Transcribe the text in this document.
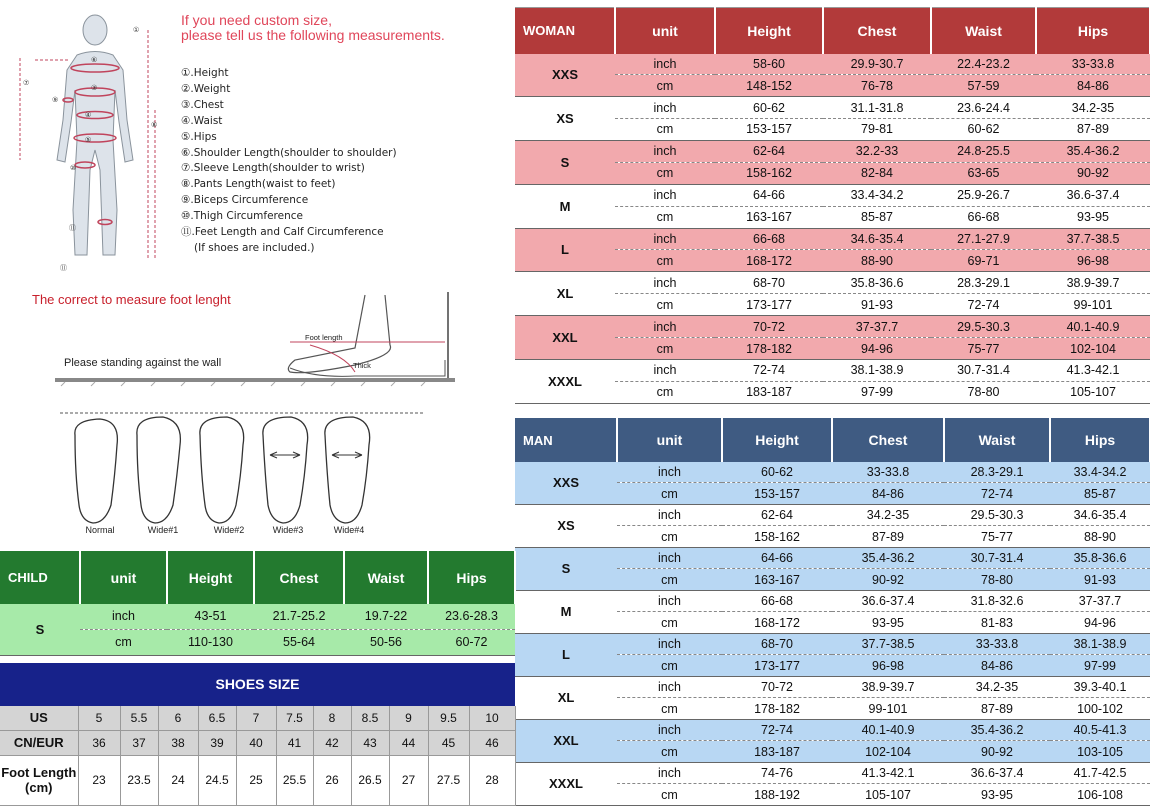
①
⑥
③
⑦
⑨
④
⑧
⑤
⑩
⑪
⑪
If you need custom size,
please tell us the following measurements.
①.Height
②.Weight
③.Chest
④.Waist
⑤.Hips
⑥.Shoulder Length(shoulder to shoulder)
⑦.Sleeve Length(shoulder to wrist)
⑧.Pants Length(waist to feet)
⑨.Biceps Circumference
⑩.Thigh Circumference
⑪.Feet Length and Calf Circumference
(If shoes are included.)
The correct to measure foot lenght
Please standing against the wall
Foot length
Thick
Normal	Wide#1	Wide#2	Wide#3	Wide#4
WOMAN	unit	Height	Chest	Waist	Hips
XXS	inch	58-60	29.9-30.7	22.4-23.2	33-33.8
	cm	148-152	76-78	57-59	84-86
XS	inch	60-62	31.1-31.8	23.6-24.4	34.2-35
	cm	153-157	79-81	60-62	87-89
S	inch	62-64	32.2-33	24.8-25.5	35.4-36.2
	cm	158-162	82-84	63-65	90-92
M	inch	64-66	33.4-34.2	25.9-26.7	36.6-37.4
	cm	163-167	85-87	66-68	93-95
L	inch	66-68	34.6-35.4	27.1-27.9	37.7-38.5
	cm	168-172	88-90	69-71	96-98
XL	inch	68-70	35.8-36.6	28.3-29.1	38.9-39.7
	cm	173-177	91-93	72-74	99-101
XXL	inch	70-72	37-37.7	29.5-30.3	40.1-40.9
	cm	178-182	94-96	75-77	102-104
XXXL	inch	72-74	38.1-38.9	30.7-31.4	41.3-42.1
	cm	183-187	97-99	78-80	105-107
MAN	unit	Height	Chest	Waist	Hips
XXS	inch	60-62	33-33.8	28.3-29.1	33.4-34.2
	cm	153-157	84-86	72-74	85-87
XS	inch	62-64	34.2-35	29.5-30.3	34.6-35.4
	cm	158-162	87-89	75-77	88-90
S	inch	64-66	35.4-36.2	30.7-31.4	35.8-36.6
	cm	163-167	90-92	78-80	91-93
M	inch	66-68	36.6-37.4	31.8-32.6	37-37.7
	cm	168-172	93-95	81-83	94-96
L	inch	68-70	37.7-38.5	33-33.8	38.1-38.9
	cm	173-177	96-98	84-86	97-99
XL	inch	70-72	38.9-39.7	34.2-35	39.3-40.1
	cm	178-182	99-101	87-89	100-102
XXL	inch	72-74	40.1-40.9	35.4-36.2	40.5-41.3
	cm	183-187	102-104	90-92	103-105
XXXL	inch	74-76	41.3-42.1	36.6-37.4	41.7-42.5
	cm	188-192	105-107	93-95	106-108
CHILD	unit	Height	Chest	Waist	Hips
S	inch	43-51	21.7-25.2	19.7-22	23.6-28.3
	cm	110-130	55-64	50-56	60-72
SHOES SIZE
US	5	5.5	6	6.5	7	7.5	8	8.5	9	9.5	10
CN/EUR	36	37	38	39	40	41	42	43	44	45	46

Foot Length
(cm)	23	23.5	24	24.5	25	25.5	26	26.5	27	27.5	28
